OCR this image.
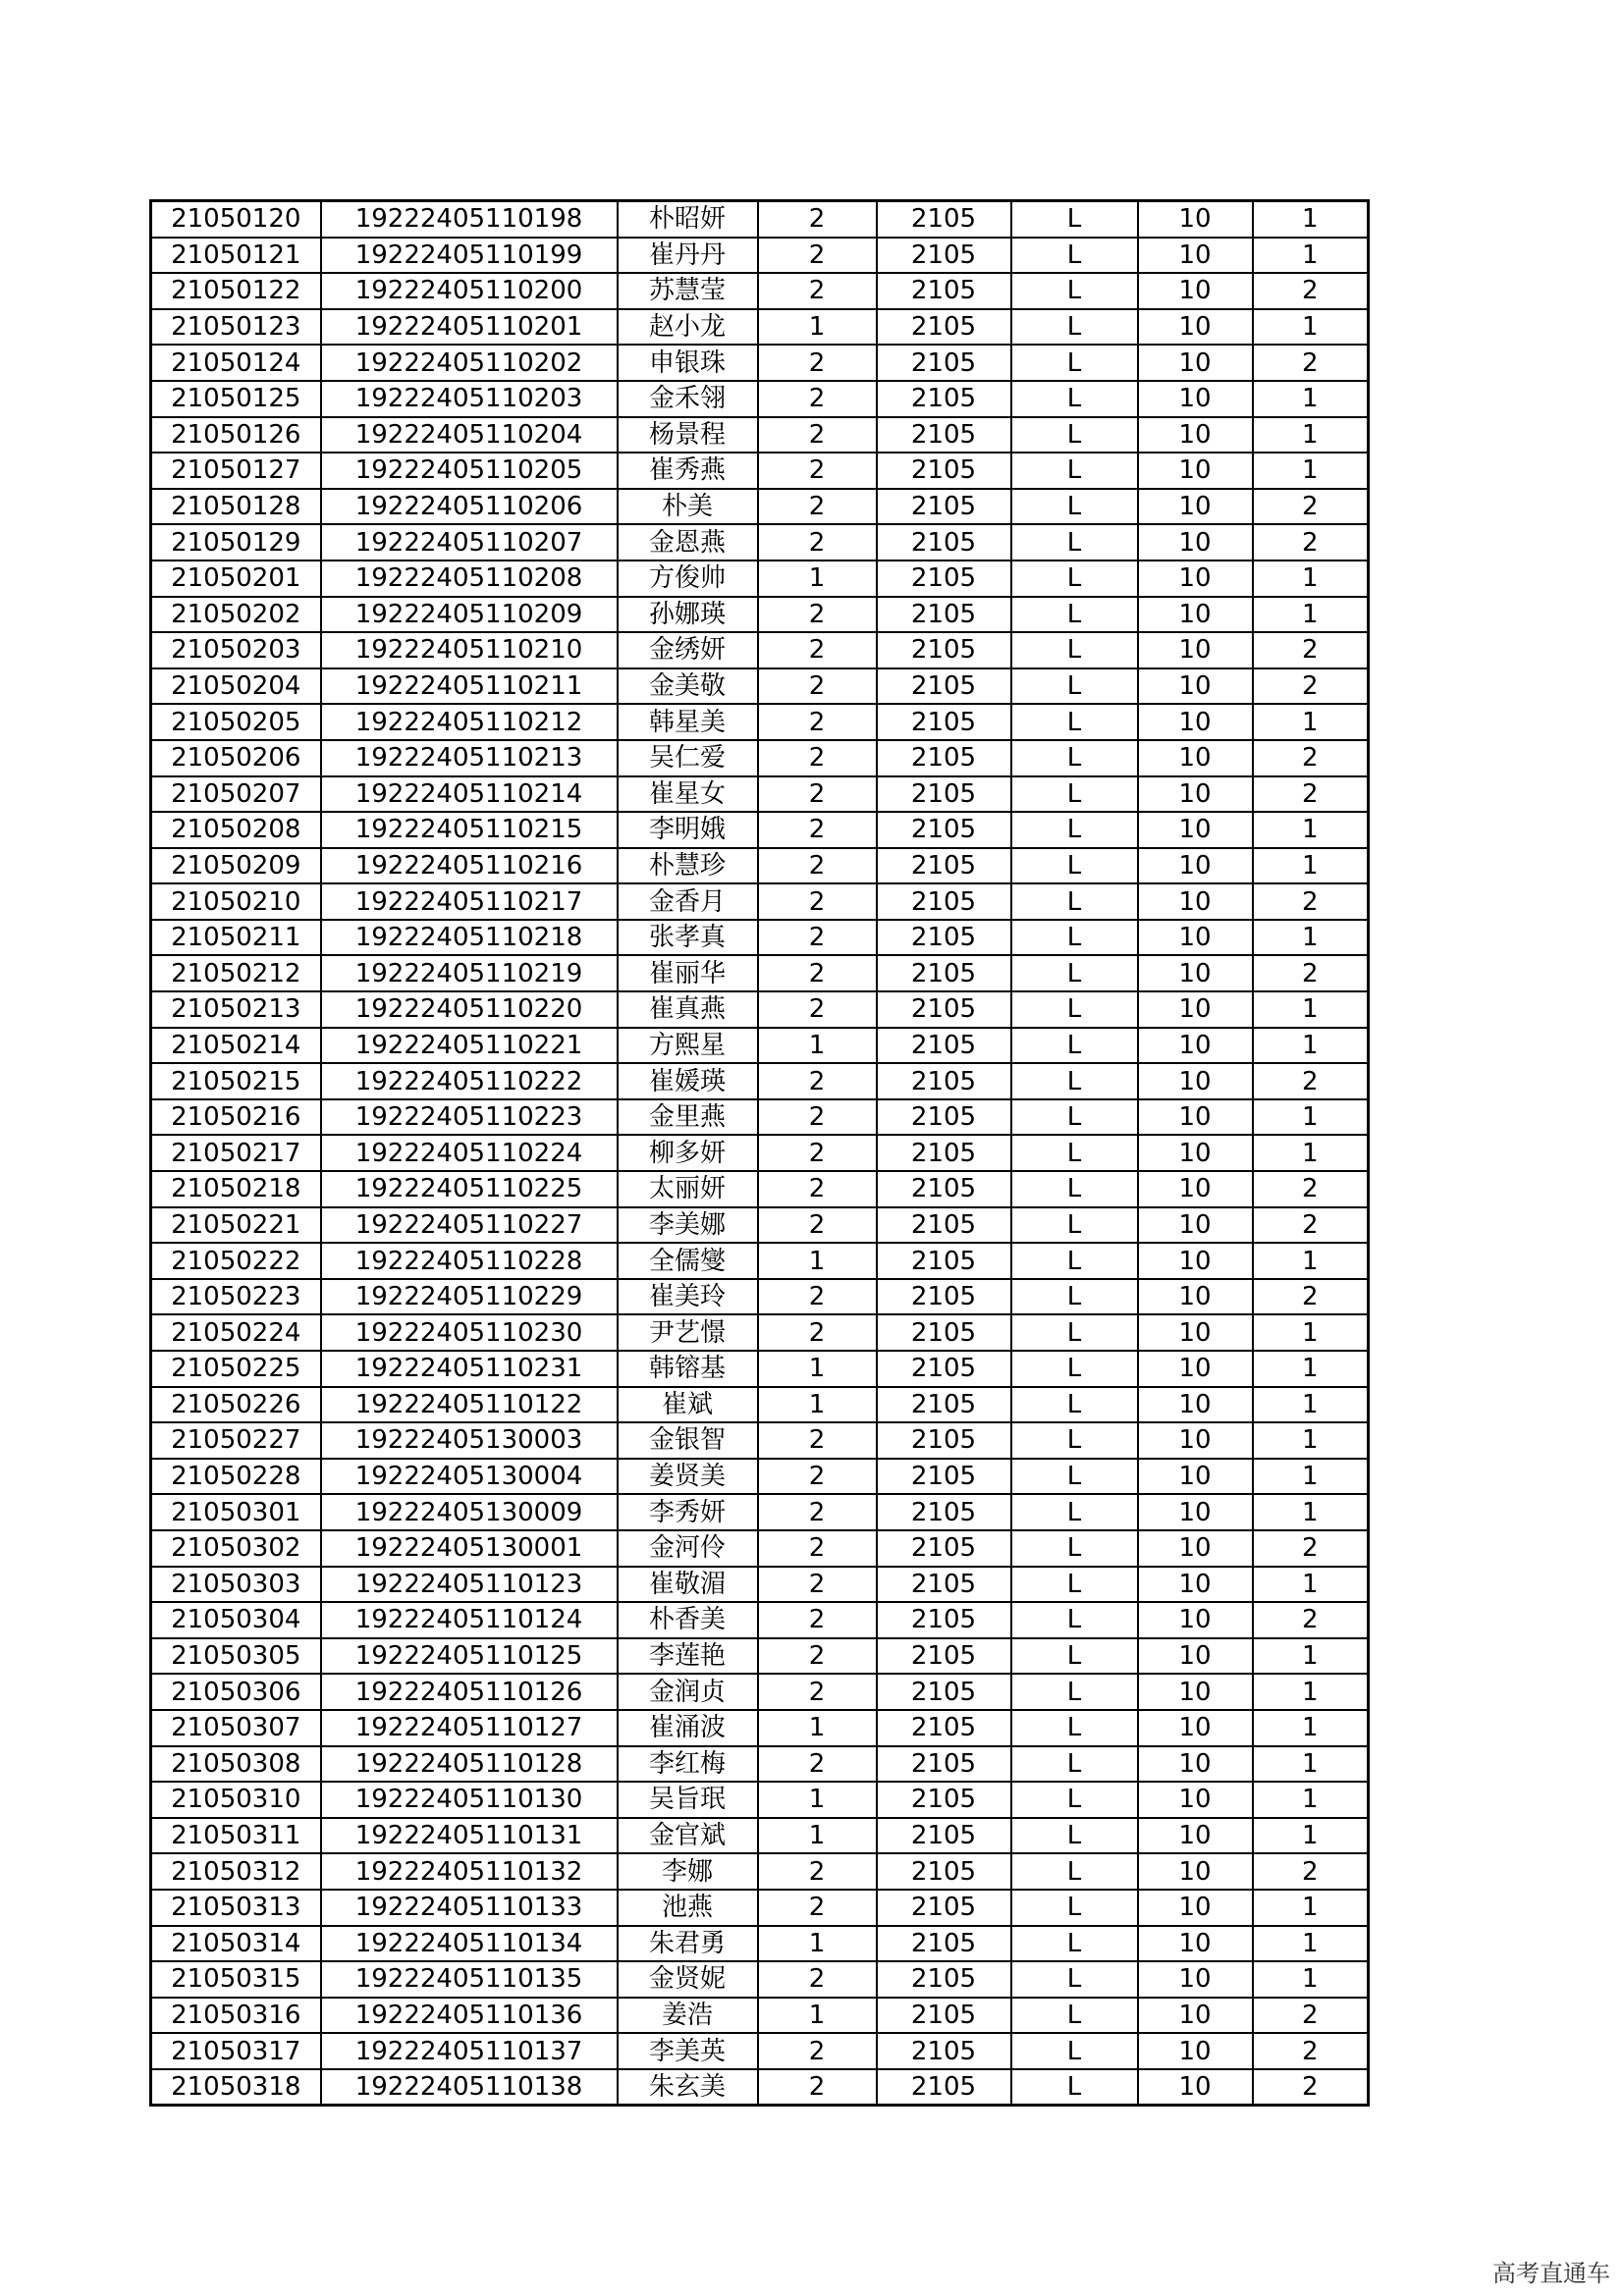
21050120	19222405110198	朴昭妍	2	2105	L	10	1
21050121	19222405110199	崔丹丹	2	2105	L	10	1
21050122	19222405110200	苏慧莹	2	2105	L	10	2
21050123	19222405110201	赵小龙	1	2105	L	10	1
21050124	19222405110202	申银珠	2	2105	L	10	2
21050125	19222405110203	金禾翎	2	2105	L	10	1
21050126	19222405110204	杨景程	2	2105	L	10	1
21050127	19222405110205	崔秀燕	2	2105	L	10	1
21050128	19222405110206	朴美	2	2105	L	10	2
21050129	19222405110207	金恩燕	2	2105	L	10	2
21050201	19222405110208	方俊帅	1	2105	L	10	1
21050202	19222405110209	孙娜瑛	2	2105	L	10	1
21050203	19222405110210	金绣妍	2	2105	L	10	2
21050204	19222405110211	金美敬	2	2105	L	10	2
21050205	19222405110212	韩星美	2	2105	L	10	1
21050206	19222405110213	吴仁爱	2	2105	L	10	2
21050207	19222405110214	崔星女	2	2105	L	10	2
21050208	19222405110215	李明娥	2	2105	L	10	1
21050209	19222405110216	朴慧珍	2	2105	L	10	1
21050210	19222405110217	金香月	2	2105	L	10	2
21050211	19222405110218	张孝真	2	2105	L	10	1
21050212	19222405110219	崔丽华	2	2105	L	10	2
21050213	19222405110220	崔真燕	2	2105	L	10	1
21050214	19222405110221	方熙星	1	2105	L	10	1
21050215	19222405110222	崔媛瑛	2	2105	L	10	2
21050216	19222405110223	金里燕	2	2105	L	10	1
21050217	19222405110224	柳多妍	2	2105	L	10	1
21050218	19222405110225	太丽妍	2	2105	L	10	2
21050221	19222405110227	李美娜	2	2105	L	10	2
21050222	19222405110228	全儒燮	1	2105	L	10	1
21050223	19222405110229	崔美玲	2	2105	L	10	2
21050224	19222405110230	尹艺憬	2	2105	L	10	1
21050225	19222405110231	韩镕基	1	2105	L	10	1
21050226	19222405110122	崔斌	1	2105	L	10	1
21050227	19222405130003	金银智	2	2105	L	10	1
21050228	19222405130004	姜贤美	2	2105	L	10	1
21050301	19222405130009	李秀妍	2	2105	L	10	1
21050302	19222405130001	金河伶	2	2105	L	10	2
21050303	19222405110123	崔敬湄	2	2105	L	10	1
21050304	19222405110124	朴香美	2	2105	L	10	2
21050305	19222405110125	李莲艳	2	2105	L	10	1
21050306	19222405110126	金润贞	2	2105	L	10	1
21050307	19222405110127	崔涌波	1	2105	L	10	1
21050308	19222405110128	李红梅	2	2105	L	10	1
21050310	19222405110130	吴旨珉	1	2105	L	10	1
21050311	19222405110131	金官斌	1	2105	L	10	1
21050312	19222405110132	李娜	2	2105	L	10	2
21050313	19222405110133	池燕	2	2105	L	10	1
21050314	19222405110134	朱君勇	1	2105	L	10	1
21050315	19222405110135	金贤妮	2	2105	L	10	1
21050316	19222405110136	姜浩	1	2105	L	10	2
21050317	19222405110137	李美英	2	2105	L	10	2
21050318	19222405110138	朱玄美	2	2105	L	10	2
高考直通车
